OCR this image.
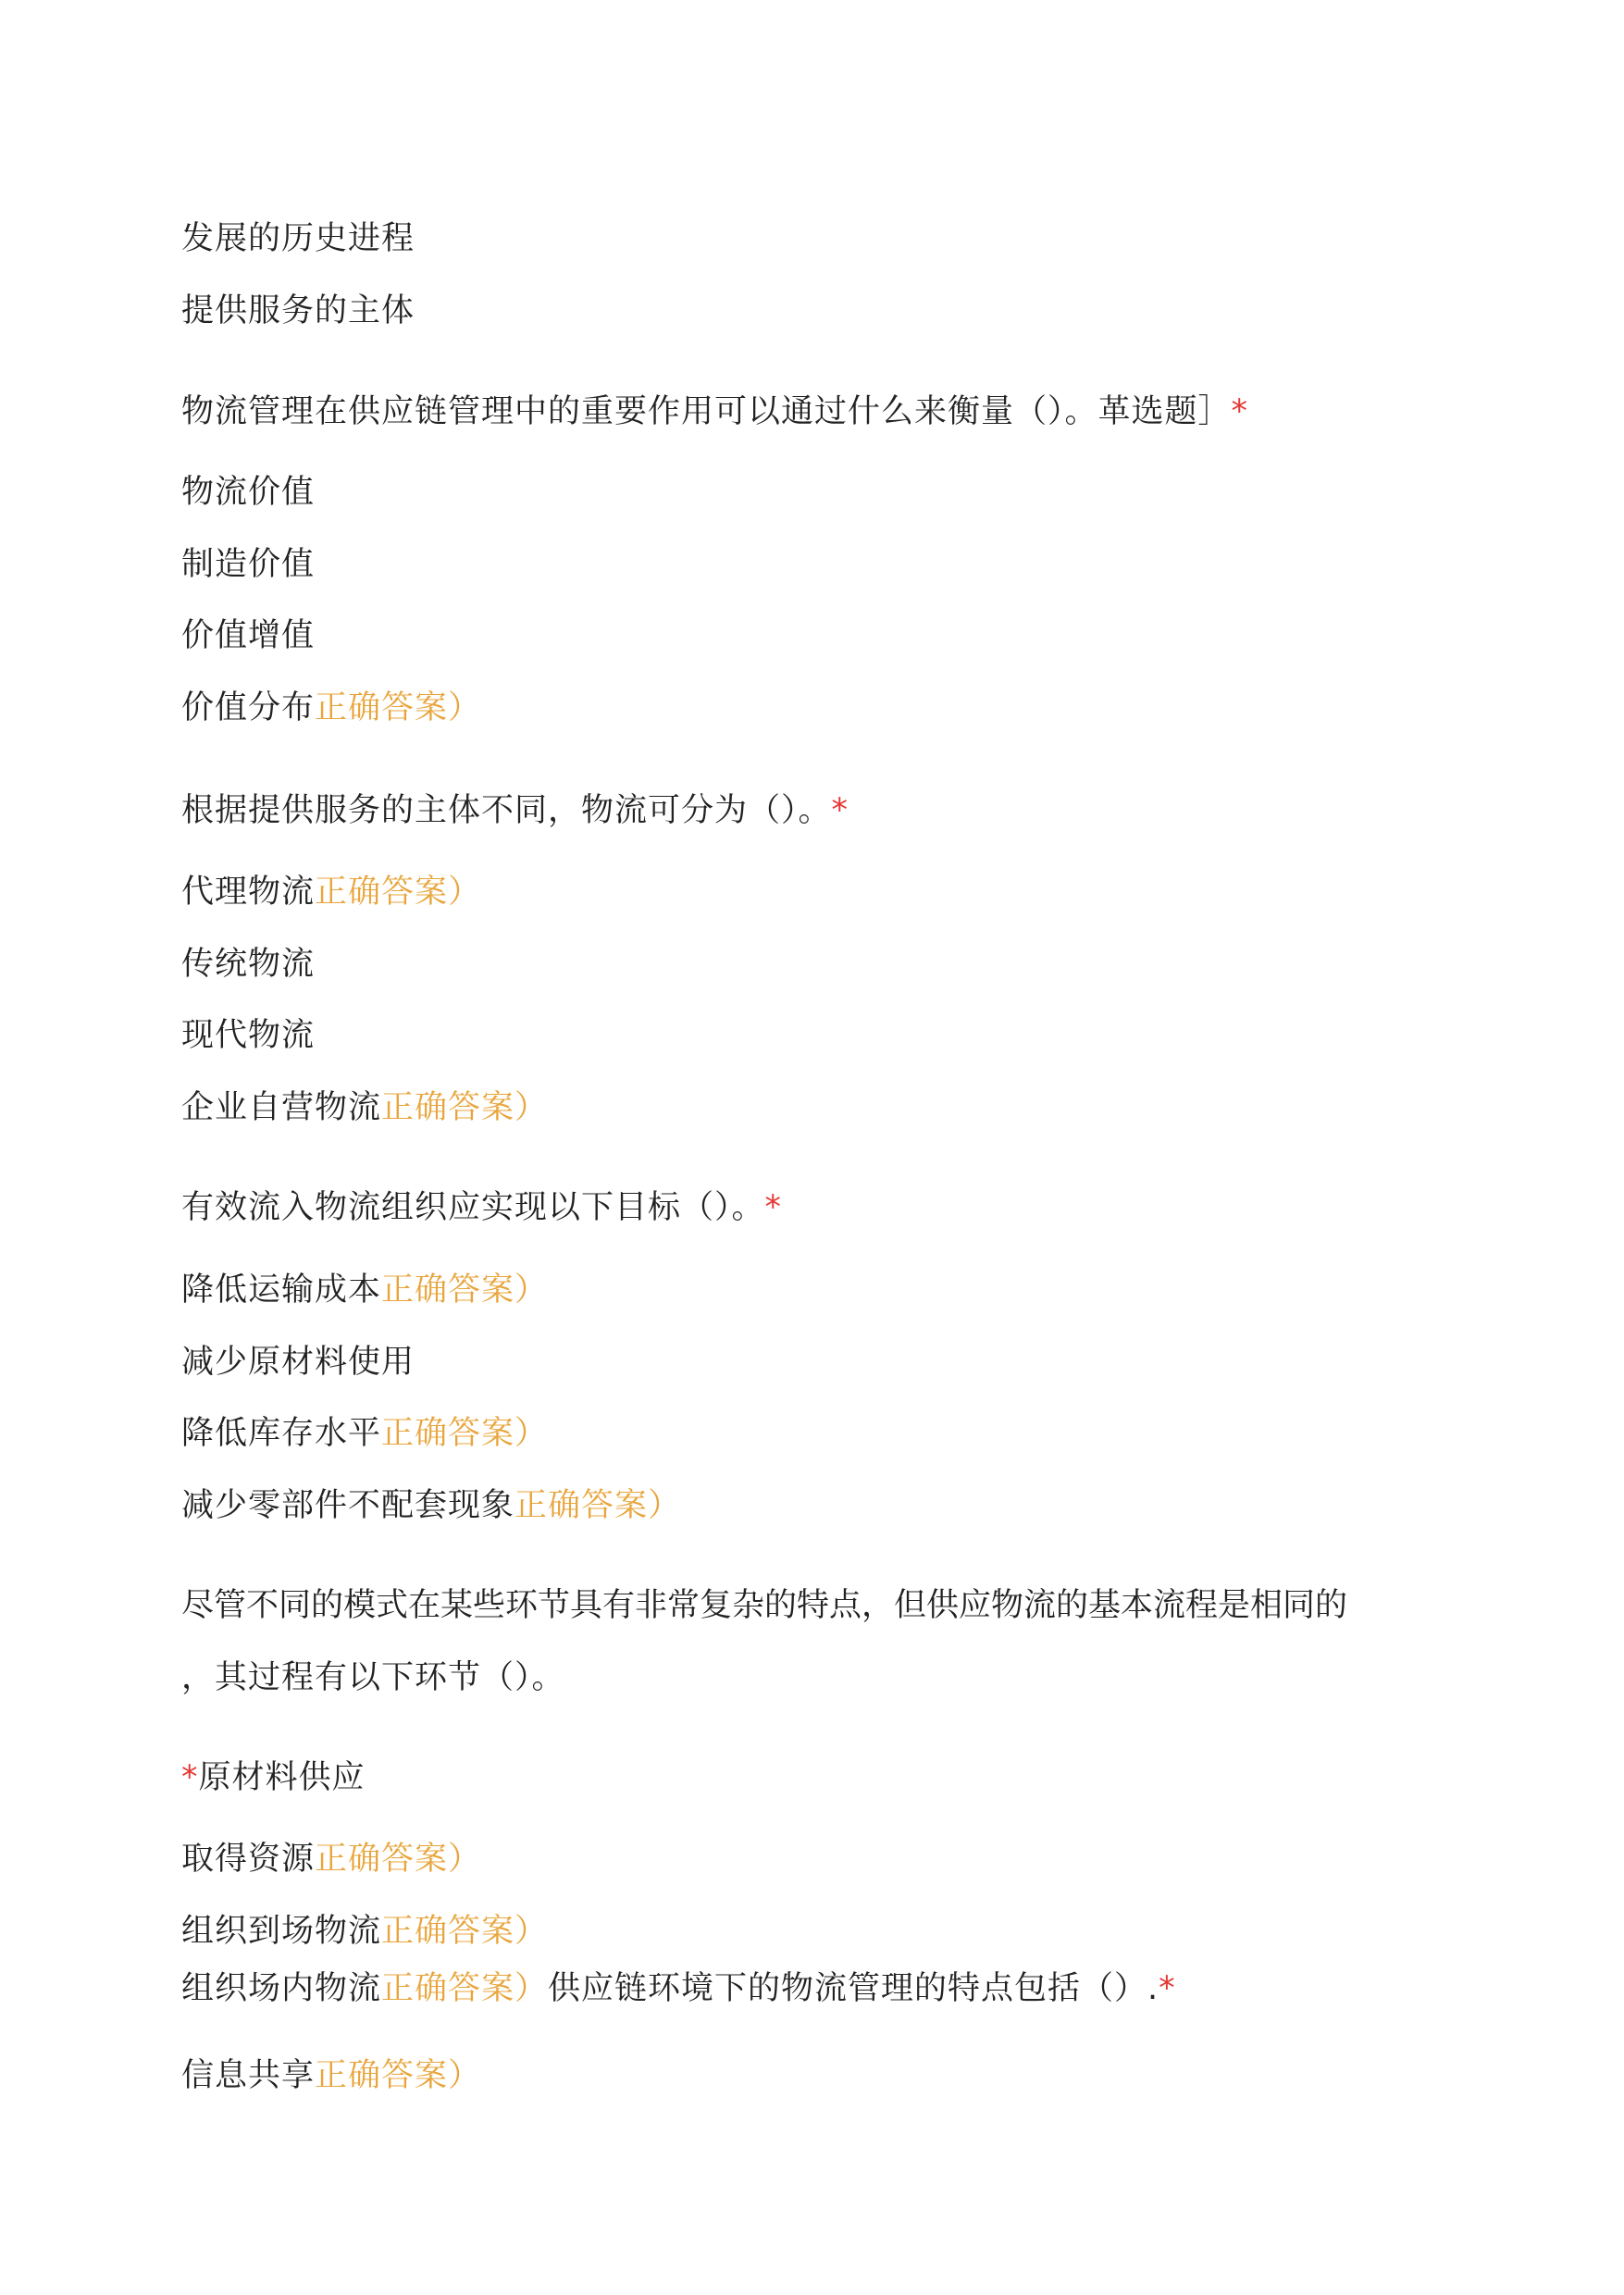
发展的历史进程
提供服务的主体
物流管理在供应链管理中的重要作用可以通过什么来衡量（）。革选题］*
物流价值
制造价值
价值增值
价值分布正确答案）
根据提供服务的主体不同，物流可分为（）。*
代理物流正确答案）
传统物流
现代物流
企业自营物流正确答案）
有效流入物流组织应实现以下目标（）。*
降低运输成本正确答案）
减少原材料使用
降低库存水平正确答案）
减少零部件不配套现象正确答案）
尽管不同的模式在某些环节具有非常复杂的特点，但供应物流的基本流程是相同的
，其过程有以下环节（）。
*原材料供应
取得资源正确答案）
组织到场物流正确答案）
组织场内物流正确答案）供应链环境下的物流管理的特点包括（）.*
信息共享正确答案）
